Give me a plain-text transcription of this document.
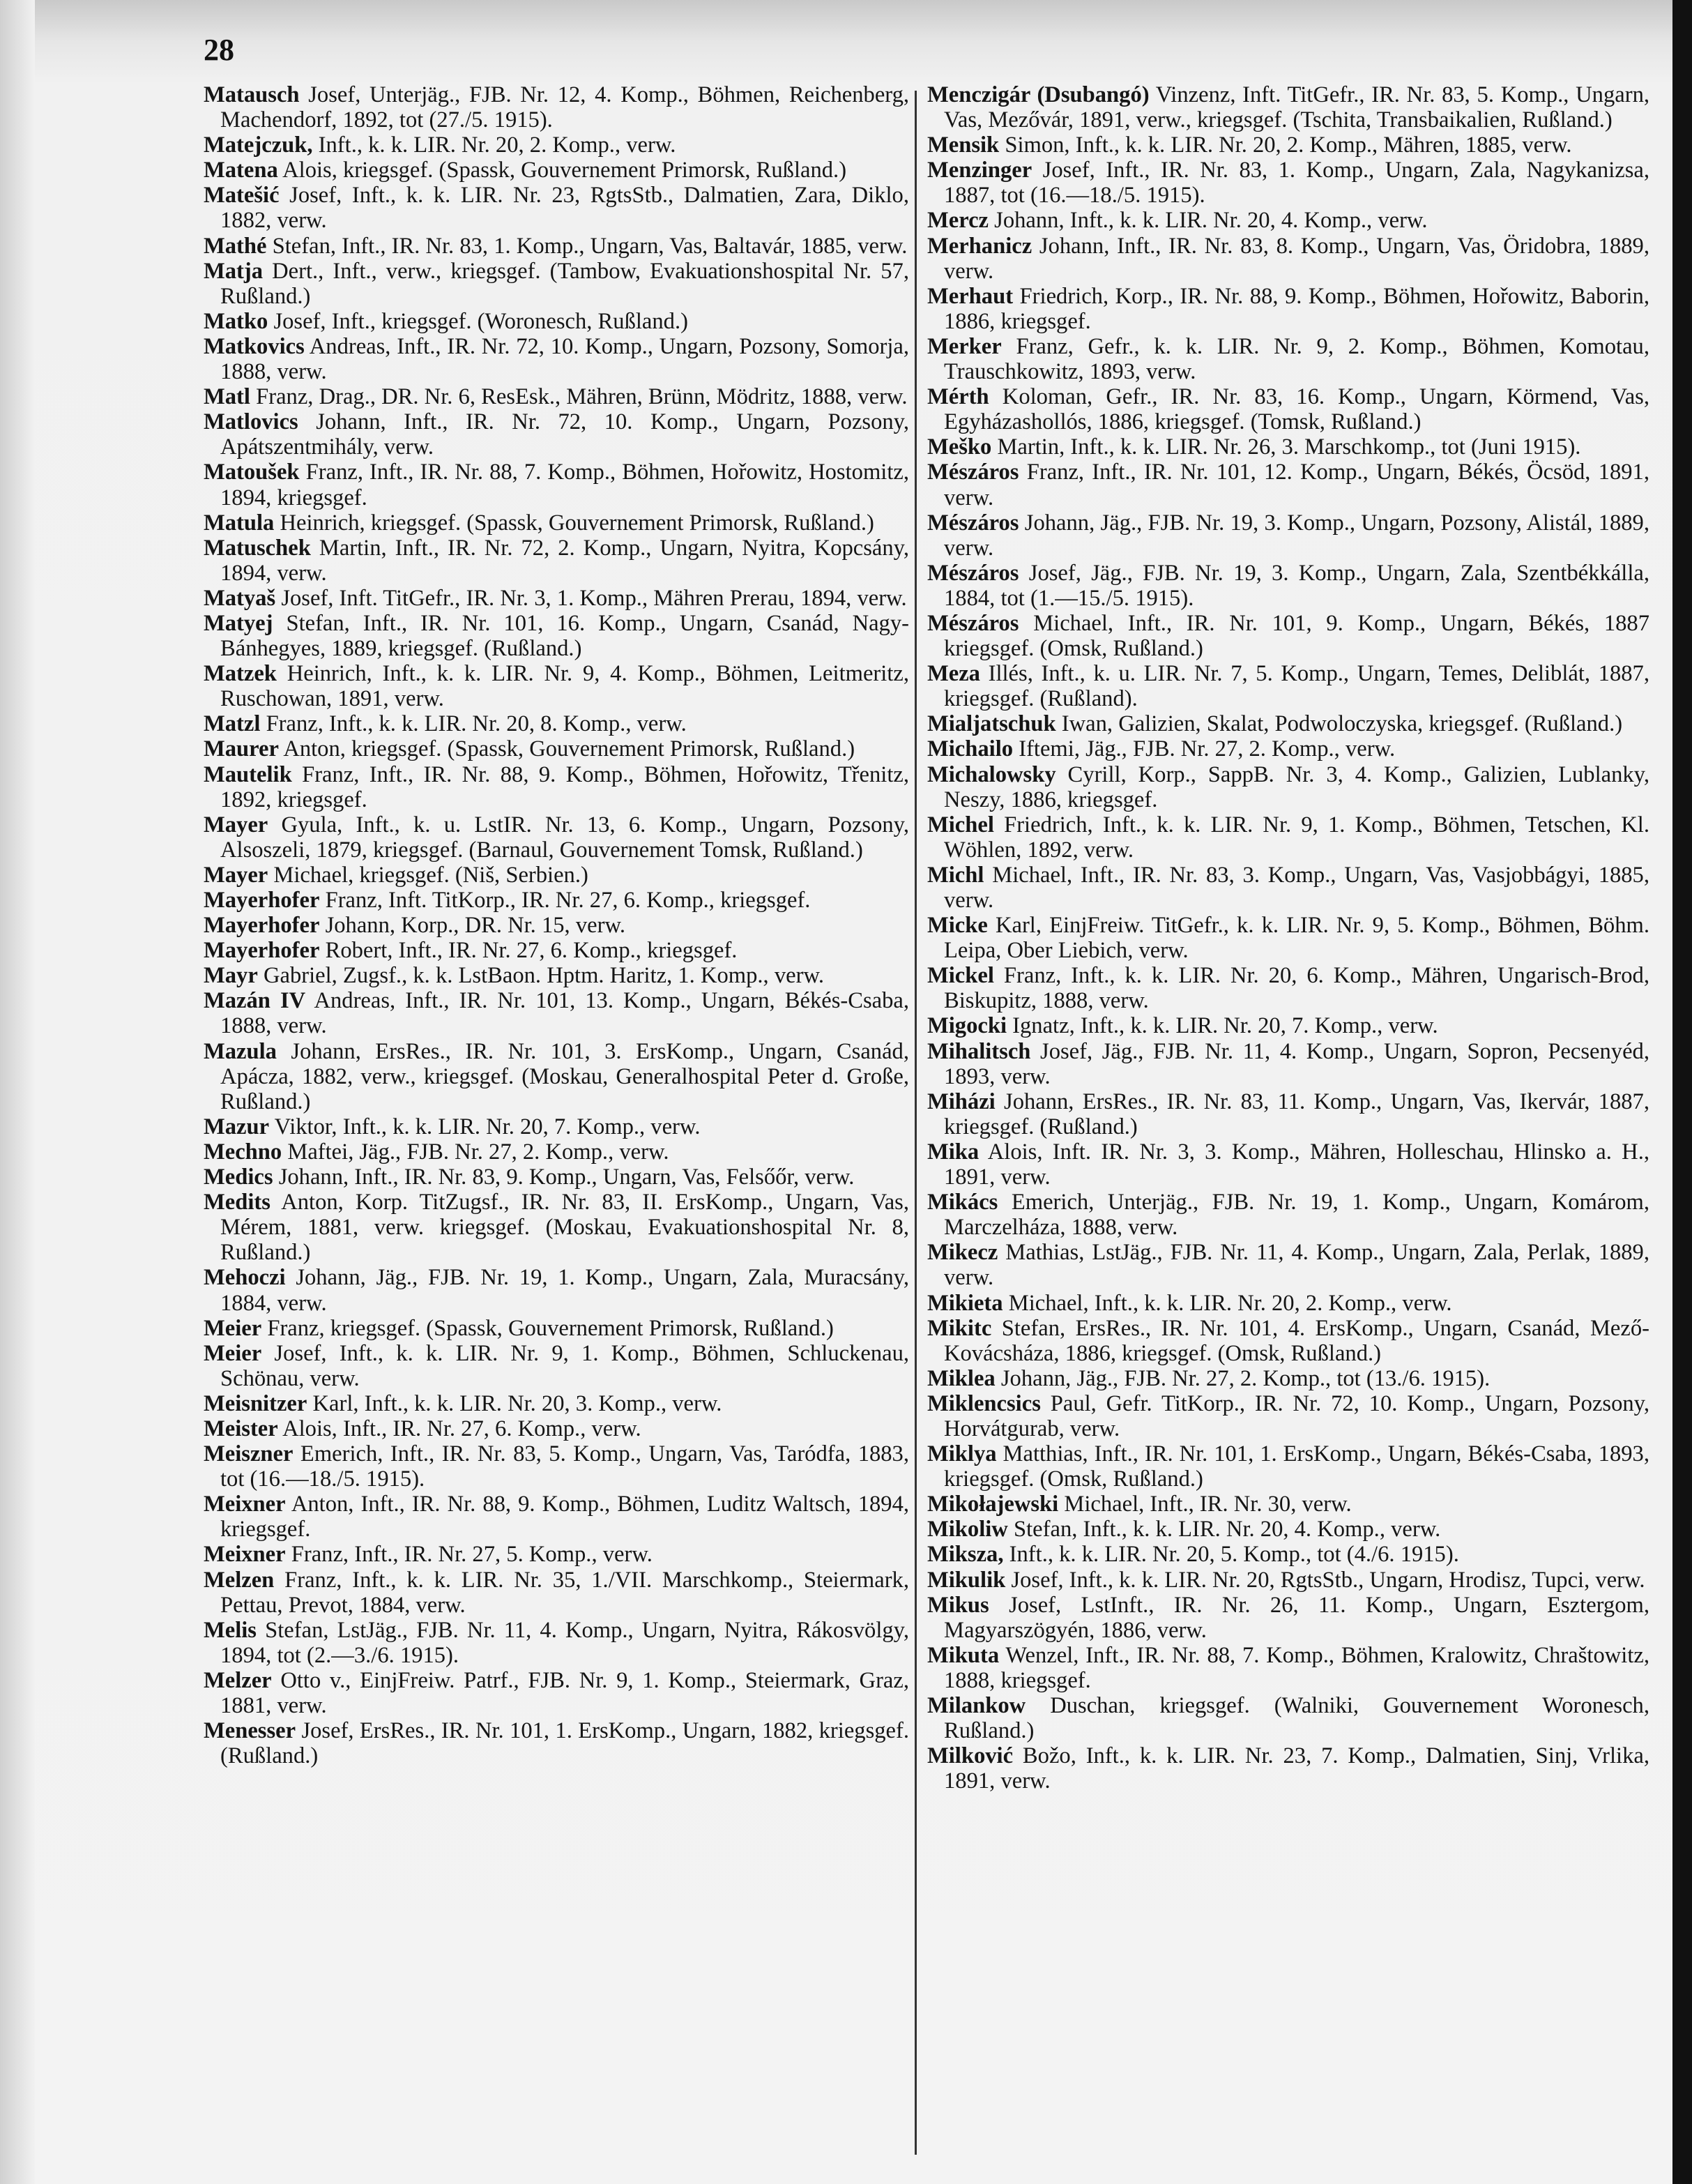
28

Matausch Josef, Unterjäg., FJB. Nr. 12, 4. Komp., Böhmen, Reichenberg, Machendorf, 1892, tot (27./5. 1915).

Matejczuk, Inft., k. k. LIR. Nr. 20, 2. Komp., verw.

Matena Alois, kriegsgef. (Spassk, Gouvernement Primorsk, Rußland.)

Matešić Josef, Inft., k. k. LIR. Nr. 23, RgtsStb., Dalmatien, Zara, Diklo, 1882, verw.

Mathé Stefan, Inft., IR. Nr. 83, 1. Komp., Ungarn, Vas, Baltavár, 1885, verw.

Matja Dert., Inft., verw., kriegsgef. (Tambow, Evakuationshospital Nr. 57, Rußland.)

Matko Josef, Inft., kriegsgef. (Woronesch, Rußland.)

Matkovics Andreas, Inft., IR. Nr. 72, 10. Komp., Ungarn, Pozsony, Somorja, 1888, verw.

Matl Franz, Drag., DR. Nr. 6, ResEsk., Mähren, Brünn, Mödritz, 1888, verw.

Matlovics Johann, Inft., IR. Nr. 72, 10. Komp., Ungarn, Pozsony, Apátszentmihály, verw.

Matoušek Franz, Inft., IR. Nr. 88, 7. Komp., Böhmen, Hořowitz, Hostomitz, 1894, kriegsgef.

Matula Heinrich, kriegsgef. (Spassk, Gouvernement Primorsk, Rußland.)

Matuschek Martin, Inft., IR. Nr. 72, 2. Komp., Ungarn, Nyitra, Kopcsány, 1894, verw.

Matyaš Josef, Inft. TitGefr., IR. Nr. 3, 1. Komp., Mähren Prerau, 1894, verw.

Matyej Stefan, Inft., IR. Nr. 101, 16. Komp., Ungarn, Csanád, Nagy-Bánhegyes, 1889, kriegsgef. (Rußland.)

Matzek Heinrich, Inft., k. k. LIR. Nr. 9, 4. Komp., Böhmen, Leitmeritz, Ruschowan, 1891, verw.

Matzl Franz, Inft., k. k. LIR. Nr. 20, 8. Komp., verw.

Maurer Anton, kriegsgef. (Spassk, Gouvernement Primorsk, Rußland.)

Mautelik Franz, Inft., IR. Nr. 88, 9. Komp., Böhmen, Hořowitz, Třenitz, 1892, kriegsgef.

Mayer Gyula, Inft., k. u. LstIR. Nr. 13, 6. Komp., Ungarn, Pozsony, Alsoszeli, 1879, kriegsgef. (Barnaul, Gouvernement Tomsk, Rußland.)

Mayer Michael, kriegsgef. (Niš, Serbien.)

Mayerhofer Franz, Inft. TitKorp., IR. Nr. 27, 6. Komp., kriegsgef.

Mayerhofer Johann, Korp., DR. Nr. 15, verw.

Mayerhofer Robert, Inft., IR. Nr. 27, 6. Komp., kriegsgef.

Mayr Gabriel, Zugsf., k. k. LstBaon. Hptm. Haritz, 1. Komp., verw.

Mazán IV Andreas, Inft., IR. Nr. 101, 13. Komp., Ungarn, Békés-Csaba, 1888, verw.

Mazula Johann, ErsRes., IR. Nr. 101, 3. ErsKomp., Ungarn, Csanád, Apácza, 1882, verw., kriegsgef. (Moskau, Generalhospital Peter d. Große, Rußland.)

Mazur Viktor, Inft., k. k. LIR. Nr. 20, 7. Komp., verw.

Mechno Maftei, Jäg., FJB. Nr. 27, 2. Komp., verw.

Medics Johann, Inft., IR. Nr. 83, 9. Komp., Ungarn, Vas, Felsőőr, verw.

Medits Anton, Korp. TitZugsf., IR. Nr. 83, II. ErsKomp., Ungarn, Vas, Mérem, 1881, verw. kriegsgef. (Moskau, Evakuationshospital Nr. 8, Rußland.)

Mehoczi Johann, Jäg., FJB. Nr. 19, 1. Komp., Ungarn, Zala, Muracsány, 1884, verw.

Meier Franz, kriegsgef. (Spassk, Gouvernement Primorsk, Rußland.)

Meier Josef, Inft., k. k. LIR. Nr. 9, 1. Komp., Böhmen, Schluckenau, Schönau, verw.

Meisnitzer Karl, Inft., k. k. LIR. Nr. 20, 3. Komp., verw.

Meister Alois, Inft., IR. Nr. 27, 6. Komp., verw.

Meiszner Emerich, Inft., IR. Nr. 83, 5. Komp., Ungarn, Vas, Taródfa, 1883, tot (16.—18./5. 1915).

Meixner Anton, Inft., IR. Nr. 88, 9. Komp., Böhmen, Luditz Waltsch, 1894, kriegsgef.

Meixner Franz, Inft., IR. Nr. 27, 5. Komp., verw.

Melzen Franz, Inft., k. k. LIR. Nr. 35, 1./VII. Marschkomp., Steiermark, Pettau, Prevot, 1884, verw.

Melis Stefan, LstJäg., FJB. Nr. 11, 4. Komp., Ungarn, Nyitra, Rákosvölgy, 1894, tot (2.—3./6. 1915).

Melzer Otto v., EinjFreiw. Patrf., FJB. Nr. 9, 1. Komp., Steiermark, Graz, 1881, verw.

Menesser Josef, ErsRes., IR. Nr. 101, 1. ErsKomp., Ungarn, 1882, kriegsgef. (Rußland.)

Menczigár (Dsubangó) Vinzenz, Inft. TitGefr., IR. Nr. 83, 5. Komp., Ungarn, Vas, Mezővár, 1891, verw., kriegsgef. (Tschita, Transbaikalien, Rußland.)

Mensik Simon, Inft., k. k. LIR. Nr. 20, 2. Komp., Mähren, 1885, verw.

Menzinger Josef, Inft., IR. Nr. 83, 1. Komp., Ungarn, Zala, Nagykanizsa, 1887, tot (16.—18./5. 1915).

Mercz Johann, Inft., k. k. LIR. Nr. 20, 4. Komp., verw.

Merhanicz Johann, Inft., IR. Nr. 83, 8. Komp., Ungarn, Vas, Öridobra, 1889, verw.

Merhaut Friedrich, Korp., IR. Nr. 88, 9. Komp., Böhmen, Hořowitz, Baborin, 1886, kriegsgef.

Merker Franz, Gefr., k. k. LIR. Nr. 9, 2. Komp., Böhmen, Komotau, Trauschkowitz, 1893, verw.

Mérth Koloman, Gefr., IR. Nr. 83, 16. Komp., Ungarn, Körmend, Vas, Egyházashollós, 1886, kriegsgef. (Tomsk, Rußland.)

Meško Martin, Inft., k. k. LIR. Nr. 26, 3. Marschkomp., tot (Juni 1915).

Mészáros Franz, Inft., IR. Nr. 101, 12. Komp., Ungarn, Békés, Öcsöd, 1891, verw.

Mészáros Johann, Jäg., FJB. Nr. 19, 3. Komp., Ungarn, Pozsony, Alistál, 1889, verw.

Mészáros Josef, Jäg., FJB. Nr. 19, 3. Komp., Ungarn, Zala, Szentbékkálla, 1884, tot (1.—15./5. 1915).

Mészáros Michael, Inft., IR. Nr. 101, 9. Komp., Ungarn, Békés, 1887 kriegsgef. (Omsk, Rußland.)

Meza Illés, Inft., k. u. LIR. Nr. 7, 5. Komp., Ungarn, Temes, Deliblát, 1887, kriegsgef. (Rußland).

Mialjatschuk Iwan, Galizien, Skalat, Podwoloczyska, kriegsgef. (Rußland.)

Michailo Iftemi, Jäg., FJB. Nr. 27, 2. Komp., verw.

Michalowsky Cyrill, Korp., SappB. Nr. 3, 4. Komp., Galizien, Lublanky, Neszy, 1886, kriegsgef.

Michel Friedrich, Inft., k. k. LIR. Nr. 9, 1. Komp., Böhmen, Tetschen, Kl. Wöhlen, 1892, verw.

Michl Michael, Inft., IR. Nr. 83, 3. Komp., Ungarn, Vas, Vasjobbágyi, 1885, verw.

Micke Karl, EinjFreiw. TitGefr., k. k. LIR. Nr. 9, 5. Komp., Böhmen, Böhm. Leipa, Ober Liebich, verw.

Mickel Franz, Inft., k. k. LIR. Nr. 20, 6. Komp., Mähren, Ungarisch-Brod, Biskupitz, 1888, verw.

Migocki Ignatz, Inft., k. k. LIR. Nr. 20, 7. Komp., verw.

Mihalitsch Josef, Jäg., FJB. Nr. 11, 4. Komp., Ungarn, Sopron, Pecsenyéd, 1893, verw.

Miházi Johann, ErsRes., IR. Nr. 83, 11. Komp., Ungarn, Vas, Ikervár, 1887, kriegsgef. (Rußland.)

Mika Alois, Inft. IR. Nr. 3, 3. Komp., Mähren, Holleschau, Hlinsko a. H., 1891, verw.

Mikács Emerich, Unterjäg., FJB. Nr. 19, 1. Komp., Ungarn, Komárom, Marczelháza, 1888, verw.

Mikecz Mathias, LstJäg., FJB. Nr. 11, 4. Komp., Ungarn, Zala, Perlak, 1889, verw.

Mikieta Michael, Inft., k. k. LIR. Nr. 20, 2. Komp., verw.

Mikitc Stefan, ErsRes., IR. Nr. 101, 4. ErsKomp., Ungarn, Csanád, Mező-Kovácsháza, 1886, kriegsgef. (Omsk, Rußland.)

Miklea Johann, Jäg., FJB. Nr. 27, 2. Komp., tot (13./6. 1915).

Miklencsics Paul, Gefr. TitKorp., IR. Nr. 72, 10. Komp., Ungarn, Pozsony, Horvátgurab, verw.

Miklya Matthias, Inft., IR. Nr. 101, 1. ErsKomp., Ungarn, Békés-Csaba, 1893, kriegsgef. (Omsk, Rußland.)

Mikołajewski Michael, Inft., IR. Nr. 30, verw.

Mikoliw Stefan, Inft., k. k. LIR. Nr. 20, 4. Komp., verw.

Miksza, Inft., k. k. LIR. Nr. 20, 5. Komp., tot (4./6. 1915).

Mikulik Josef, Inft., k. k. LIR. Nr. 20, RgtsStb., Ungarn, Hrodisz, Tupci, verw.

Mikus Josef, LstInft., IR. Nr. 26, 11. Komp., Ungarn, Esztergom, Magyarszögyén, 1886, verw.

Mikuta Wenzel, Inft., IR. Nr. 88, 7. Komp., Böhmen, Kralowitz, Chraštowitz, 1888, kriegsgef.

Milankow Duschan, kriegsgef. (Walniki, Gouvernement Woronesch, Rußland.)

Milković Božo, Inft., k. k. LIR. Nr. 23, 7. Komp., Dalmatien, Sinj, Vrlika, 1891, verw.
